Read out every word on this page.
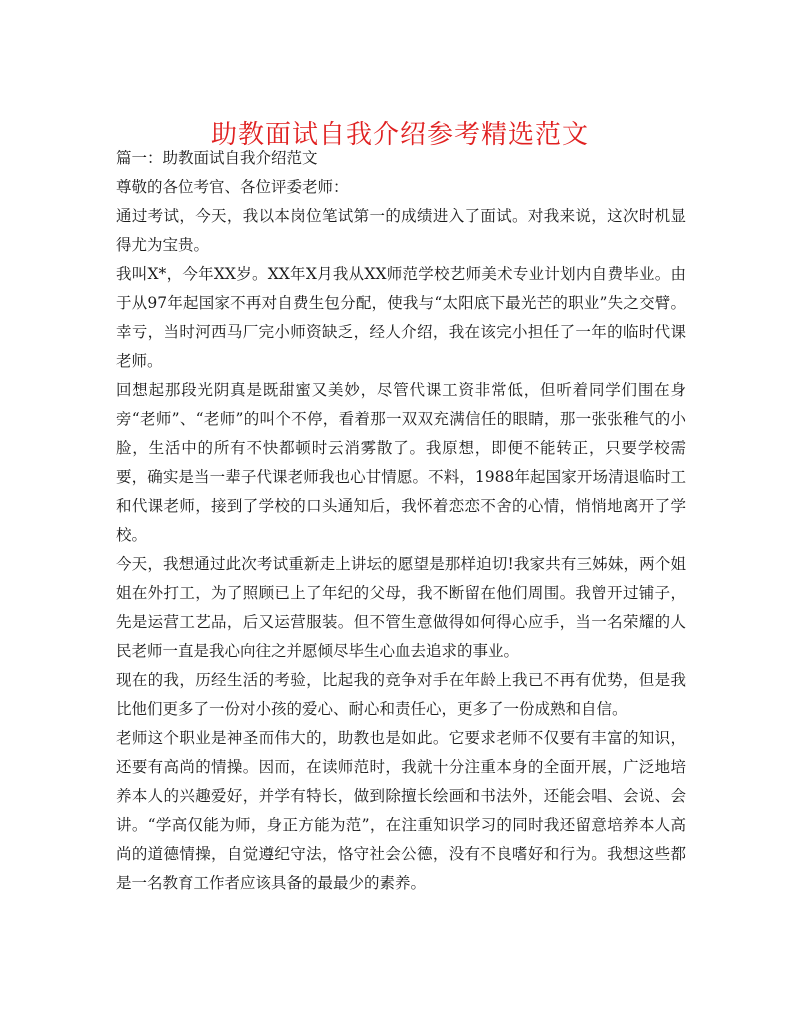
助教面试自我介绍参考精选范文

篇一：助教面试自我介绍范文

尊敬的各位考官、各位评委老师：

通过考试，今天，我以本岗位笔试第一的成绩进入了面试。对我来说，这次时机显得尤为宝贵。

我叫X*，今年XX岁。XX年X月我从XX师范学校艺师美术专业计划内自费毕业。由于从97年起国家不再对自费生包分配，使我与“太阳底下最光芒的职业”失之交臂。幸亏，当时河西马厂完小师资缺乏，经人介绍，我在该完小担任了一年的临时代课老师。

回想起那段光阴真是既甜蜜又美妙，尽管代课工资非常低，但听着同学们围在身旁“老师”、“老师”的叫个不停，看着那一双双充满信任的眼睛，那一张张稚气的小脸，生活中的所有不快都顿时云消雾散了。我原想，即便不能转正，只要学校需要，确实是当一辈子代课老师我也心甘情愿。不料，1988年起国家开场清退临时工和代课老师，接到了学校的口头通知后，我怀着恋恋不舍的心情，悄悄地离开了学校。

今天，我想通过此次考试重新走上讲坛的愿望是那样迫切!我家共有三姊妹，两个姐姐在外打工，为了照顾已上了年纪的父母，我不断留在他们周围。我曾开过铺子，先是运营工艺品，后又运营服装。但不管生意做得如何得心应手，当一名荣耀的人民老师一直是我心向往之并愿倾尽毕生心血去追求的事业。

现在的我，历经生活的考验，比起我的竞争对手在年龄上我已不再有优势，但是我比他们更多了一份对小孩的爱心、耐心和责任心，更多了一份成熟和自信。

老师这个职业是神圣而伟大的，助教也是如此。它要求老师不仅要有丰富的知识，还要有高尚的情操。因而，在读师范时，我就十分注重本身的全面开展，广泛地培养本人的兴趣爱好，并学有特长，做到除擅长绘画和书法外，还能会唱、会说、会讲。“学高仅能为师，身正方能为范”，在注重知识学习的同时我还留意培养本人高尚的道德情操，自觉遵纪守法，恪守社会公德，没有不良嗜好和行为。我想这些都是一名教育工作者应该具备的最最少的素养。
